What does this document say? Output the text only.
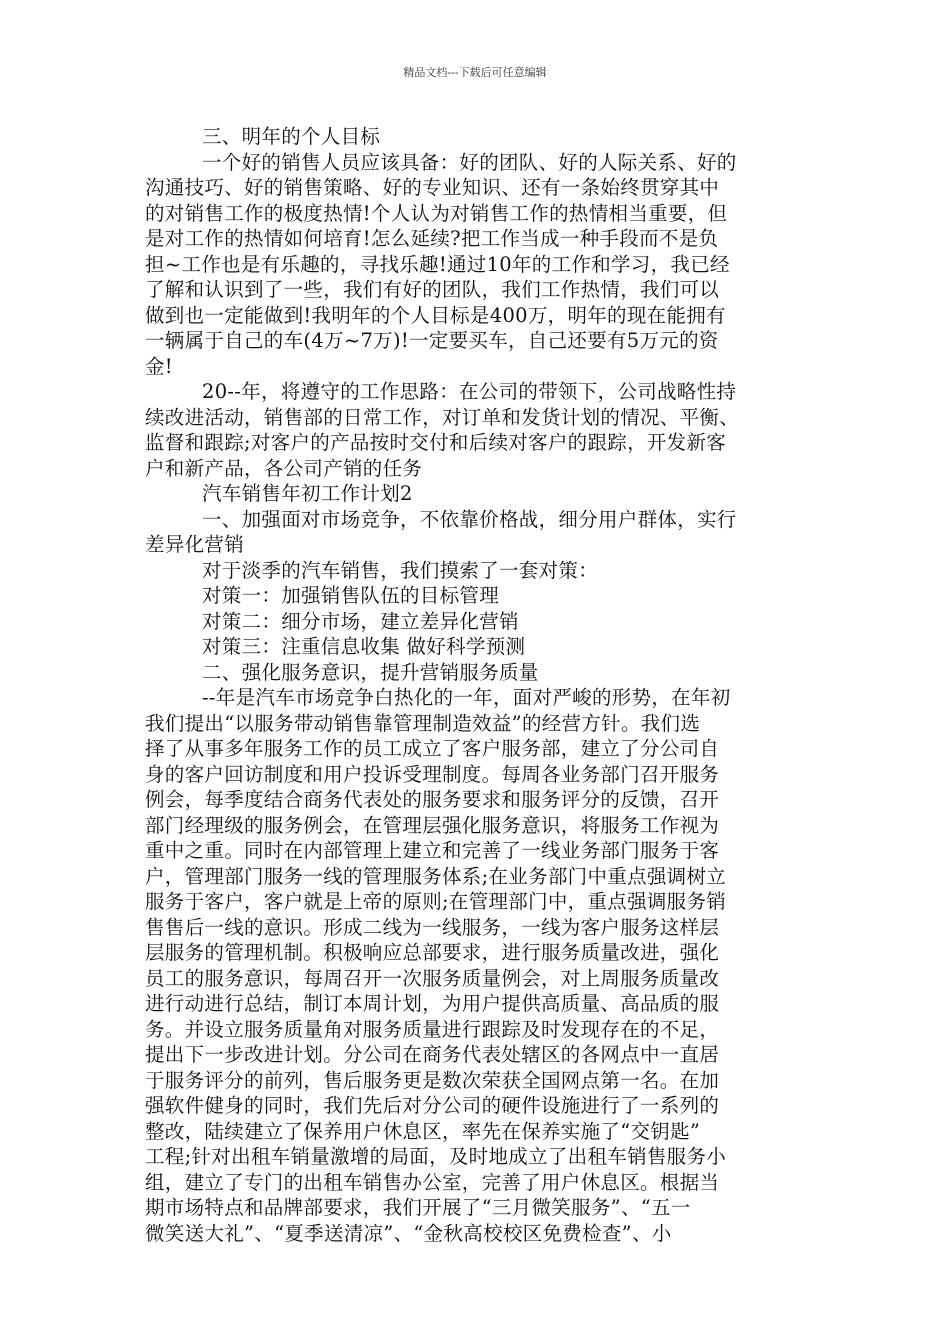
精品文档---下载后可任意编辑
三、明年的个人目标
一个好的销售人员应该具备：好的团队、好的人际关系、好的
沟通技巧、好的销售策略、好的专业知识、还有一条始终贯穿其中
的对销售工作的极度热情!个人认为对销售工作的热情相当重要，但
是对工作的热情如何培育!怎么延续?把工作当成一种手段而不是负
担~工作也是有乐趣的，寻找乐趣!通过10年的工作和学习，我已经
了解和认识到了一些，我们有好的团队，我们工作热情，我们可以
做到也一定能做到!我明年的个人目标是400万，明年的现在能拥有
一辆属于自己的车(4万~7万)!一定要买车，自己还要有5万元的资
金!
20--年，将遵守的工作思路：在公司的带领下，公司战略性持
续改进活动，销售部的日常工作，对订单和发货计划的情况、平衡、
监督和跟踪;对客户的产品按时交付和后续对客户的跟踪，开发新客
户和新产品，各公司产销的任务
汽车销售年初工作计划2
一、加强面对市场竞争，不依靠价格战，细分用户群体，实行
差异化营销
对于淡季的汽车销售，我们摸索了一套对策：
对策一：加强销售队伍的目标管理
对策二：细分市场，建立差异化营销
对策三：注重信息收集 做好科学预测
二、强化服务意识，提升营销服务质量
--年是汽车市场竞争白热化的一年，面对严峻的形势，在年初
我们提出“以服务带动销售靠管理制造效益”的经营方针。我们选
择了从事多年服务工作的员工成立了客户服务部，建立了分公司自
身的客户回访制度和用户投诉受理制度。每周各业务部门召开服务
例会，每季度结合商务代表处的服务要求和服务评分的反馈，召开
部门经理级的服务例会，在管理层强化服务意识，将服务工作视为
重中之重。同时在内部管理上建立和完善了一线业务部门服务于客
户，管理部门服务一线的管理服务体系;在业务部门中重点强调树立
服务于客户，客户就是上帝的原则;在管理部门中，重点强调服务销
售售后一线的意识。形成二线为一线服务，一线为客户服务这样层
层服务的管理机制。积极响应总部要求，进行服务质量改进，强化
员工的服务意识，每周召开一次服务质量例会，对上周服务质量改
进行动进行总结，制订本周计划，为用户提供高质量、高品质的服
务。并设立服务质量角对服务质量进行跟踪及时发现存在的不足，
提出下一步改进计划。分公司在商务代表处辖区的各网点中一直居
于服务评分的前列，售后服务更是数次荣获全国网点第一名。在加
强软件健身的同时，我们先后对分公司的硬件设施进行了一系列的
整改，陆续建立了保养用户休息区，率先在保养实施了“交钥匙”
工程;针对出租车销量激增的局面，及时地成立了出租车销售服务小
组，建立了专门的出租车销售办公室，完善了用户休息区。根据当
期市场特点和品牌部要求，我们开展了“三月微笑服务”、“五一
微笑送大礼”、“夏季送清凉”、“金秋高校校区免费检查”、小
